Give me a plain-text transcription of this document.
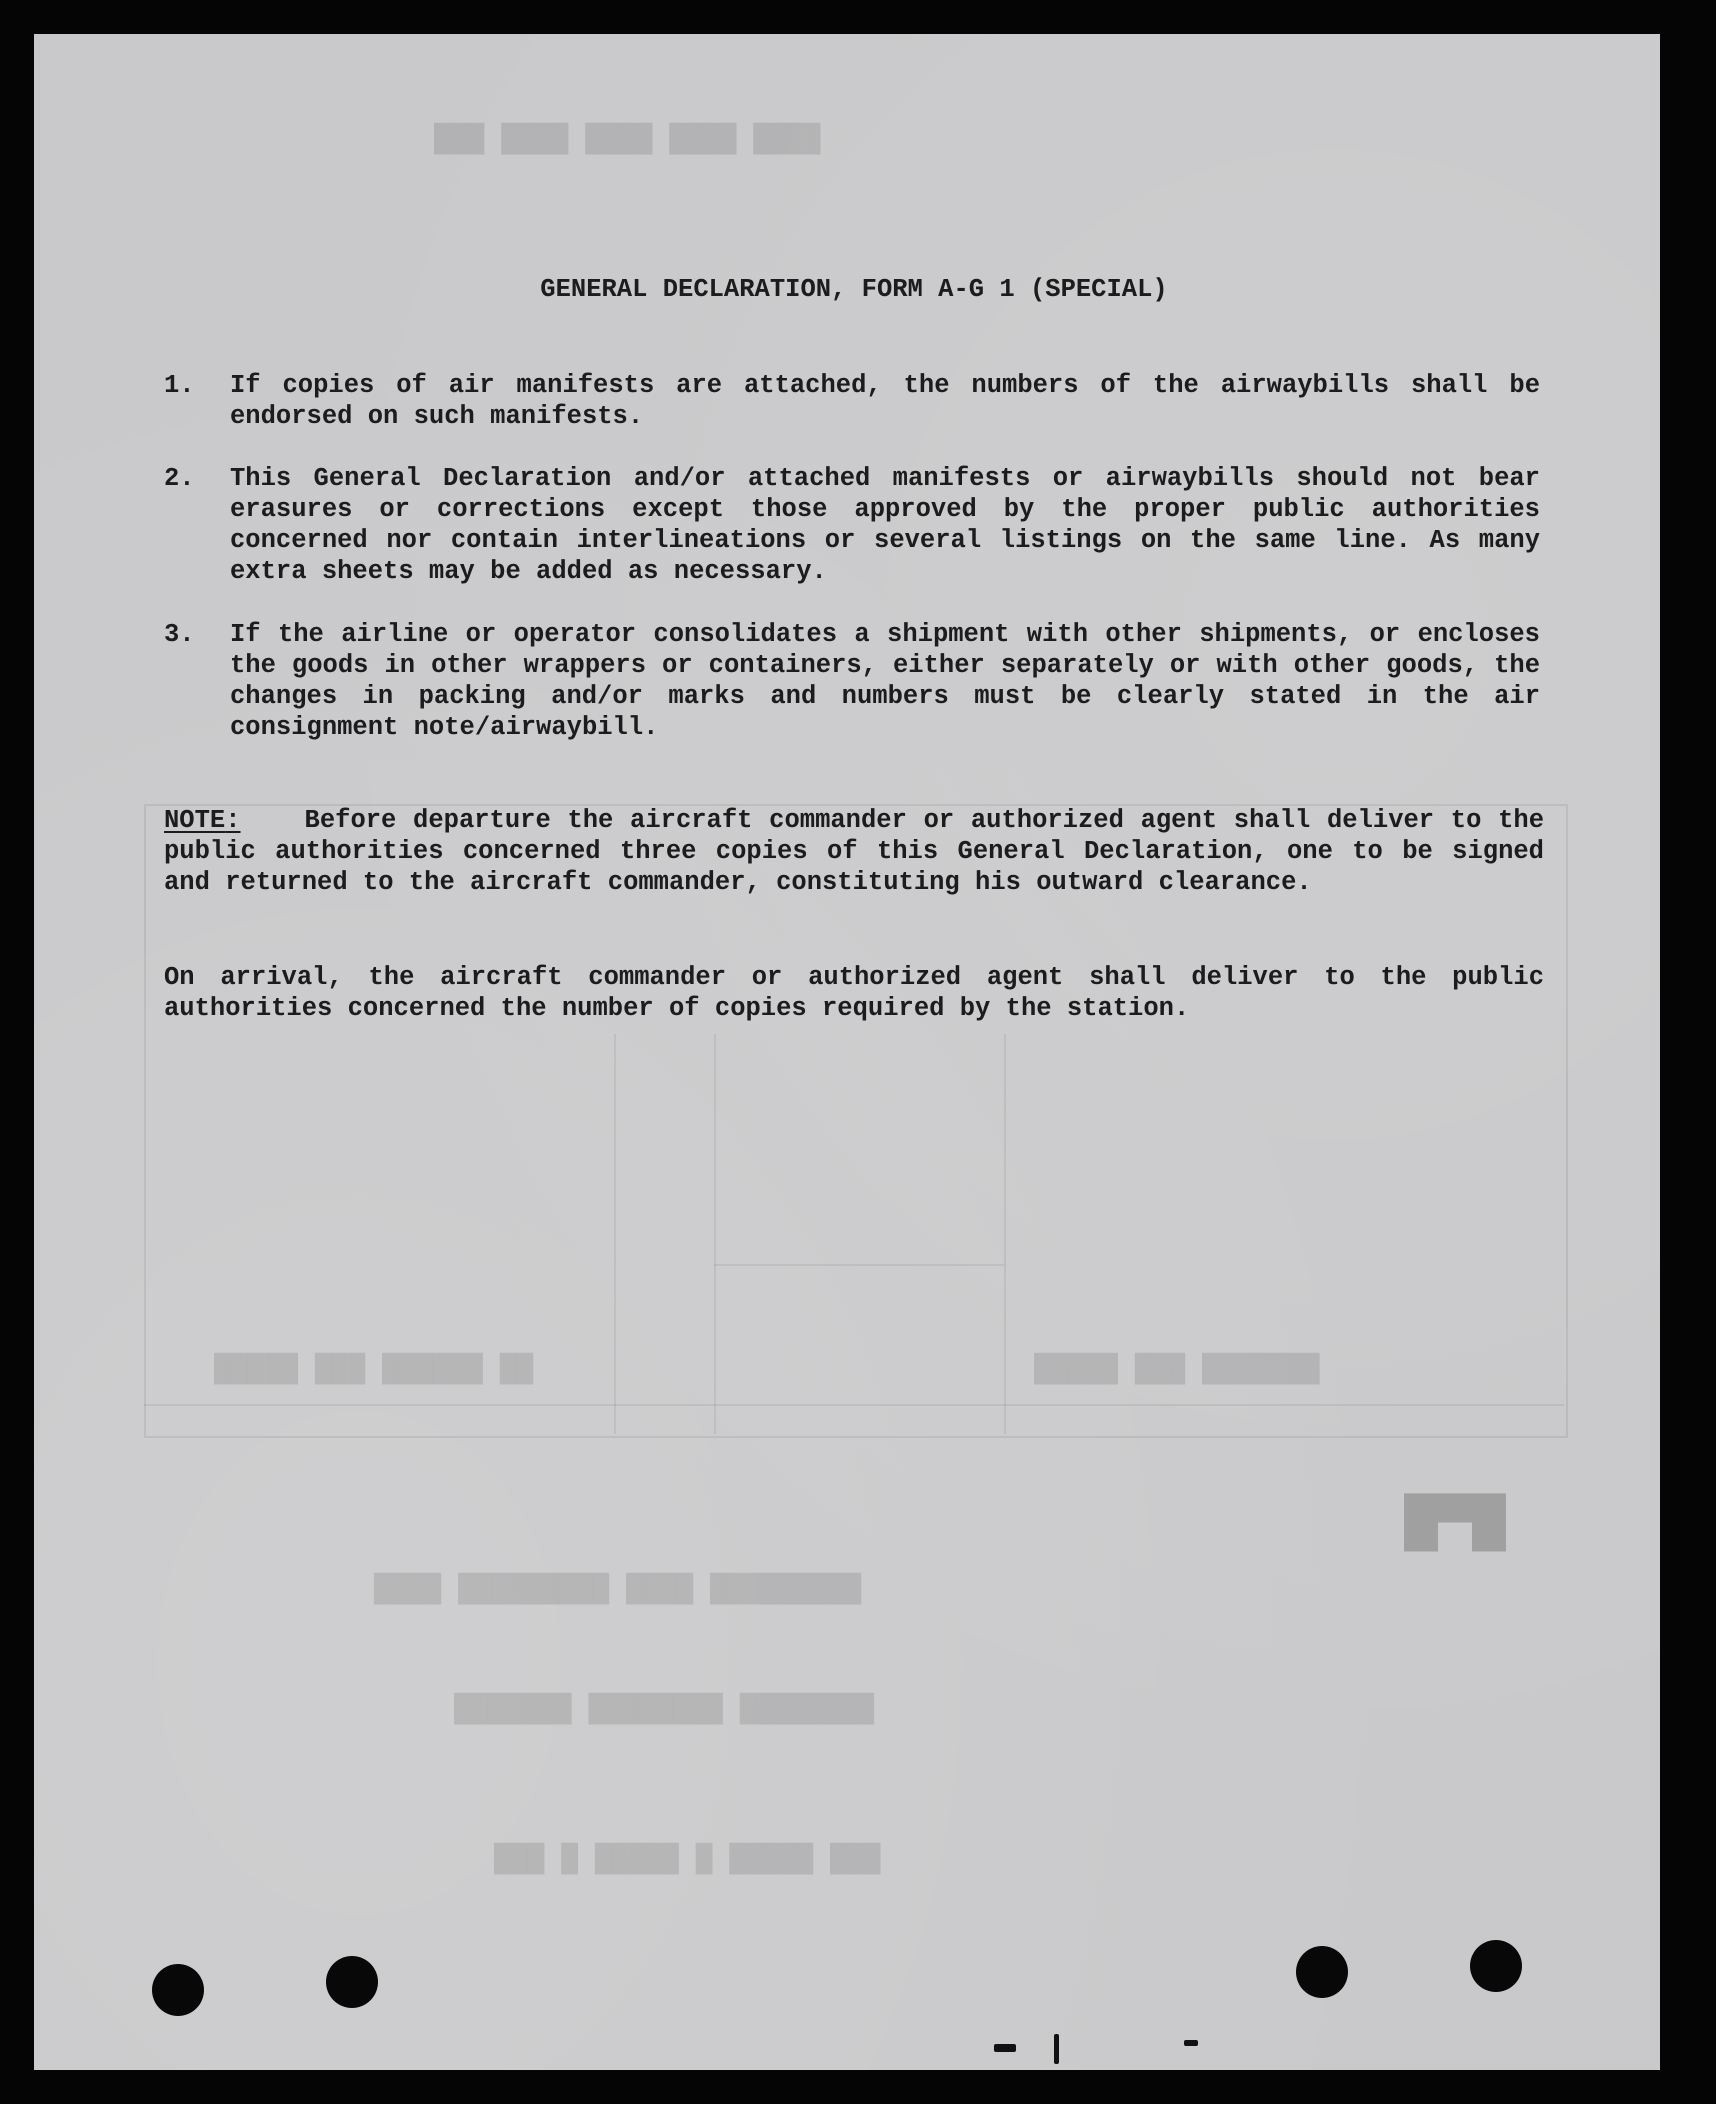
████ ████ ████ ████ ███
███████ ███ █████
██ ██████ ███ █████
█████████ ████ █████████ ████
████████ ████████ ███████
███ █████ █ █████ █ ███
█▀█
GENERAL DECLARATION, FORM A-G 1 (SPECIAL)
1. If copies of air manifests are attached, the numbers of the airwaybills shall be endorsed on such manifests.
2. This General Declaration and/or attached manifests or airwaybills should not bear erasures or corrections except those approved by the proper public authorities concerned nor contain interlineations or several listings on the same line. As many extra sheets may be added as necessary.
3. If the airline or operator consolidates a shipment with other shipments, or encloses the goods in other wrappers or containers, either separately or with other goods, the changes in packing and/or marks and numbers must be clearly stated in the air consignment note/airwaybill.
NOTE:	Before departure the aircraft commander or authorized agent shall deliver to the public authorities concerned three copies of this General Declaration, one to be signed and returned to the aircraft commander, constituting his outward clearance.
On arrival, the aircraft commander or authorized agent shall deliver to the public authorities concerned the number of copies required by the station.
